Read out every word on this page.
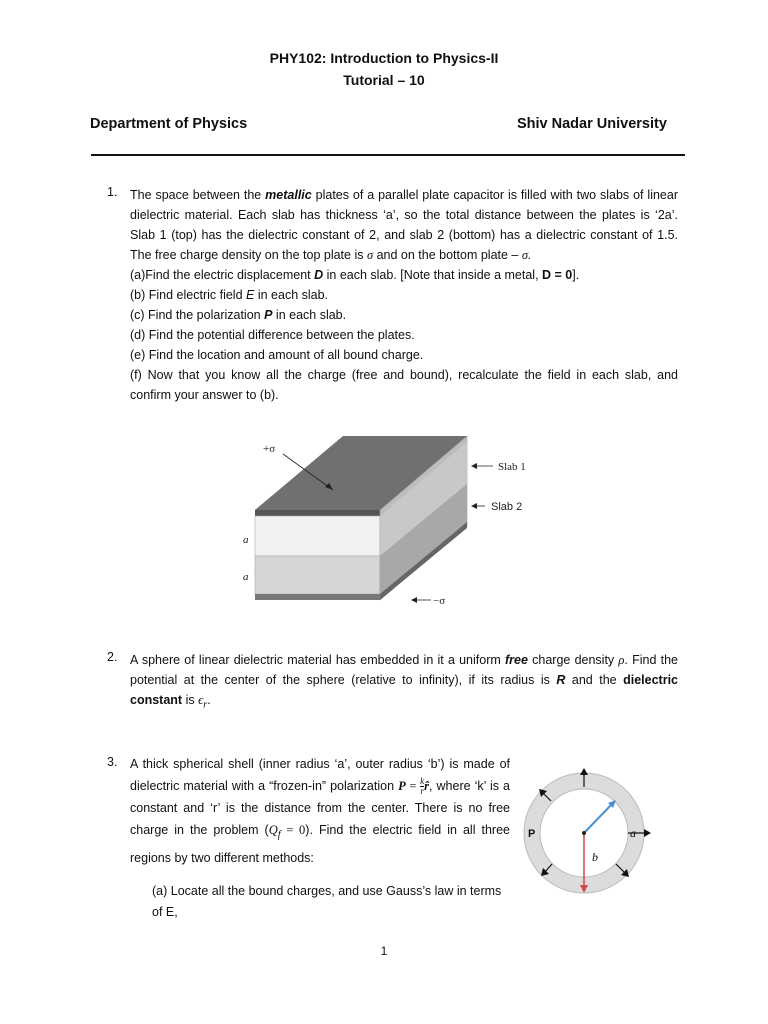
PHY102: Introduction to Physics-II
Tutorial – 10
Department of Physics	Shiv Nadar University
1. The space between the metallic plates of a parallel plate capacitor is filled with two slabs of linear dielectric material. Each slab has thickness ‘a’, so the total distance between the plates is ‘2a’. Slab 1 (top) has the dielectric constant of 2, and slab 2 (bottom) has a dielectric constant of 1.5. The free charge density on the top plate is σ and on the bottom plate – σ.

(a)Find the electric displacement D in each slab. [Note that inside a metal, D = 0].

(b) Find electric field E in each slab.

(c) Find the polarization P in each slab.

(d) Find the potential difference between the plates.

(e) Find the location and amount of all bound charge.

(f) Now that you know all the charge (free and bound), recalculate the field in each slab, and confirm your answer to (b).

+σ
Slab 1
Slab 2
a
a
−σ
2. A sphere of linear dielectric material has embedded in it a uniform free charge density ρ. Find the potential at the center of the sphere (relative to infinity), if its radius is R and the dielectric constant is $\epsilon_r$.

3. A thick spherical shell (inner radius ‘a’, outer radius ‘b’) is made of dielectric material with a “frozen-in” polarization $P = \frac{k}{r}$ r̂, where ‘k’ is a constant and ‘r’ is the distance from the center. There is no free charge in the problem $(Q_f = 0)$. Find the electric field in all three regions by two different methods:

(a) Locate all the bound charges, and use Gauss’s law in terms of E,
P	a
b
1
